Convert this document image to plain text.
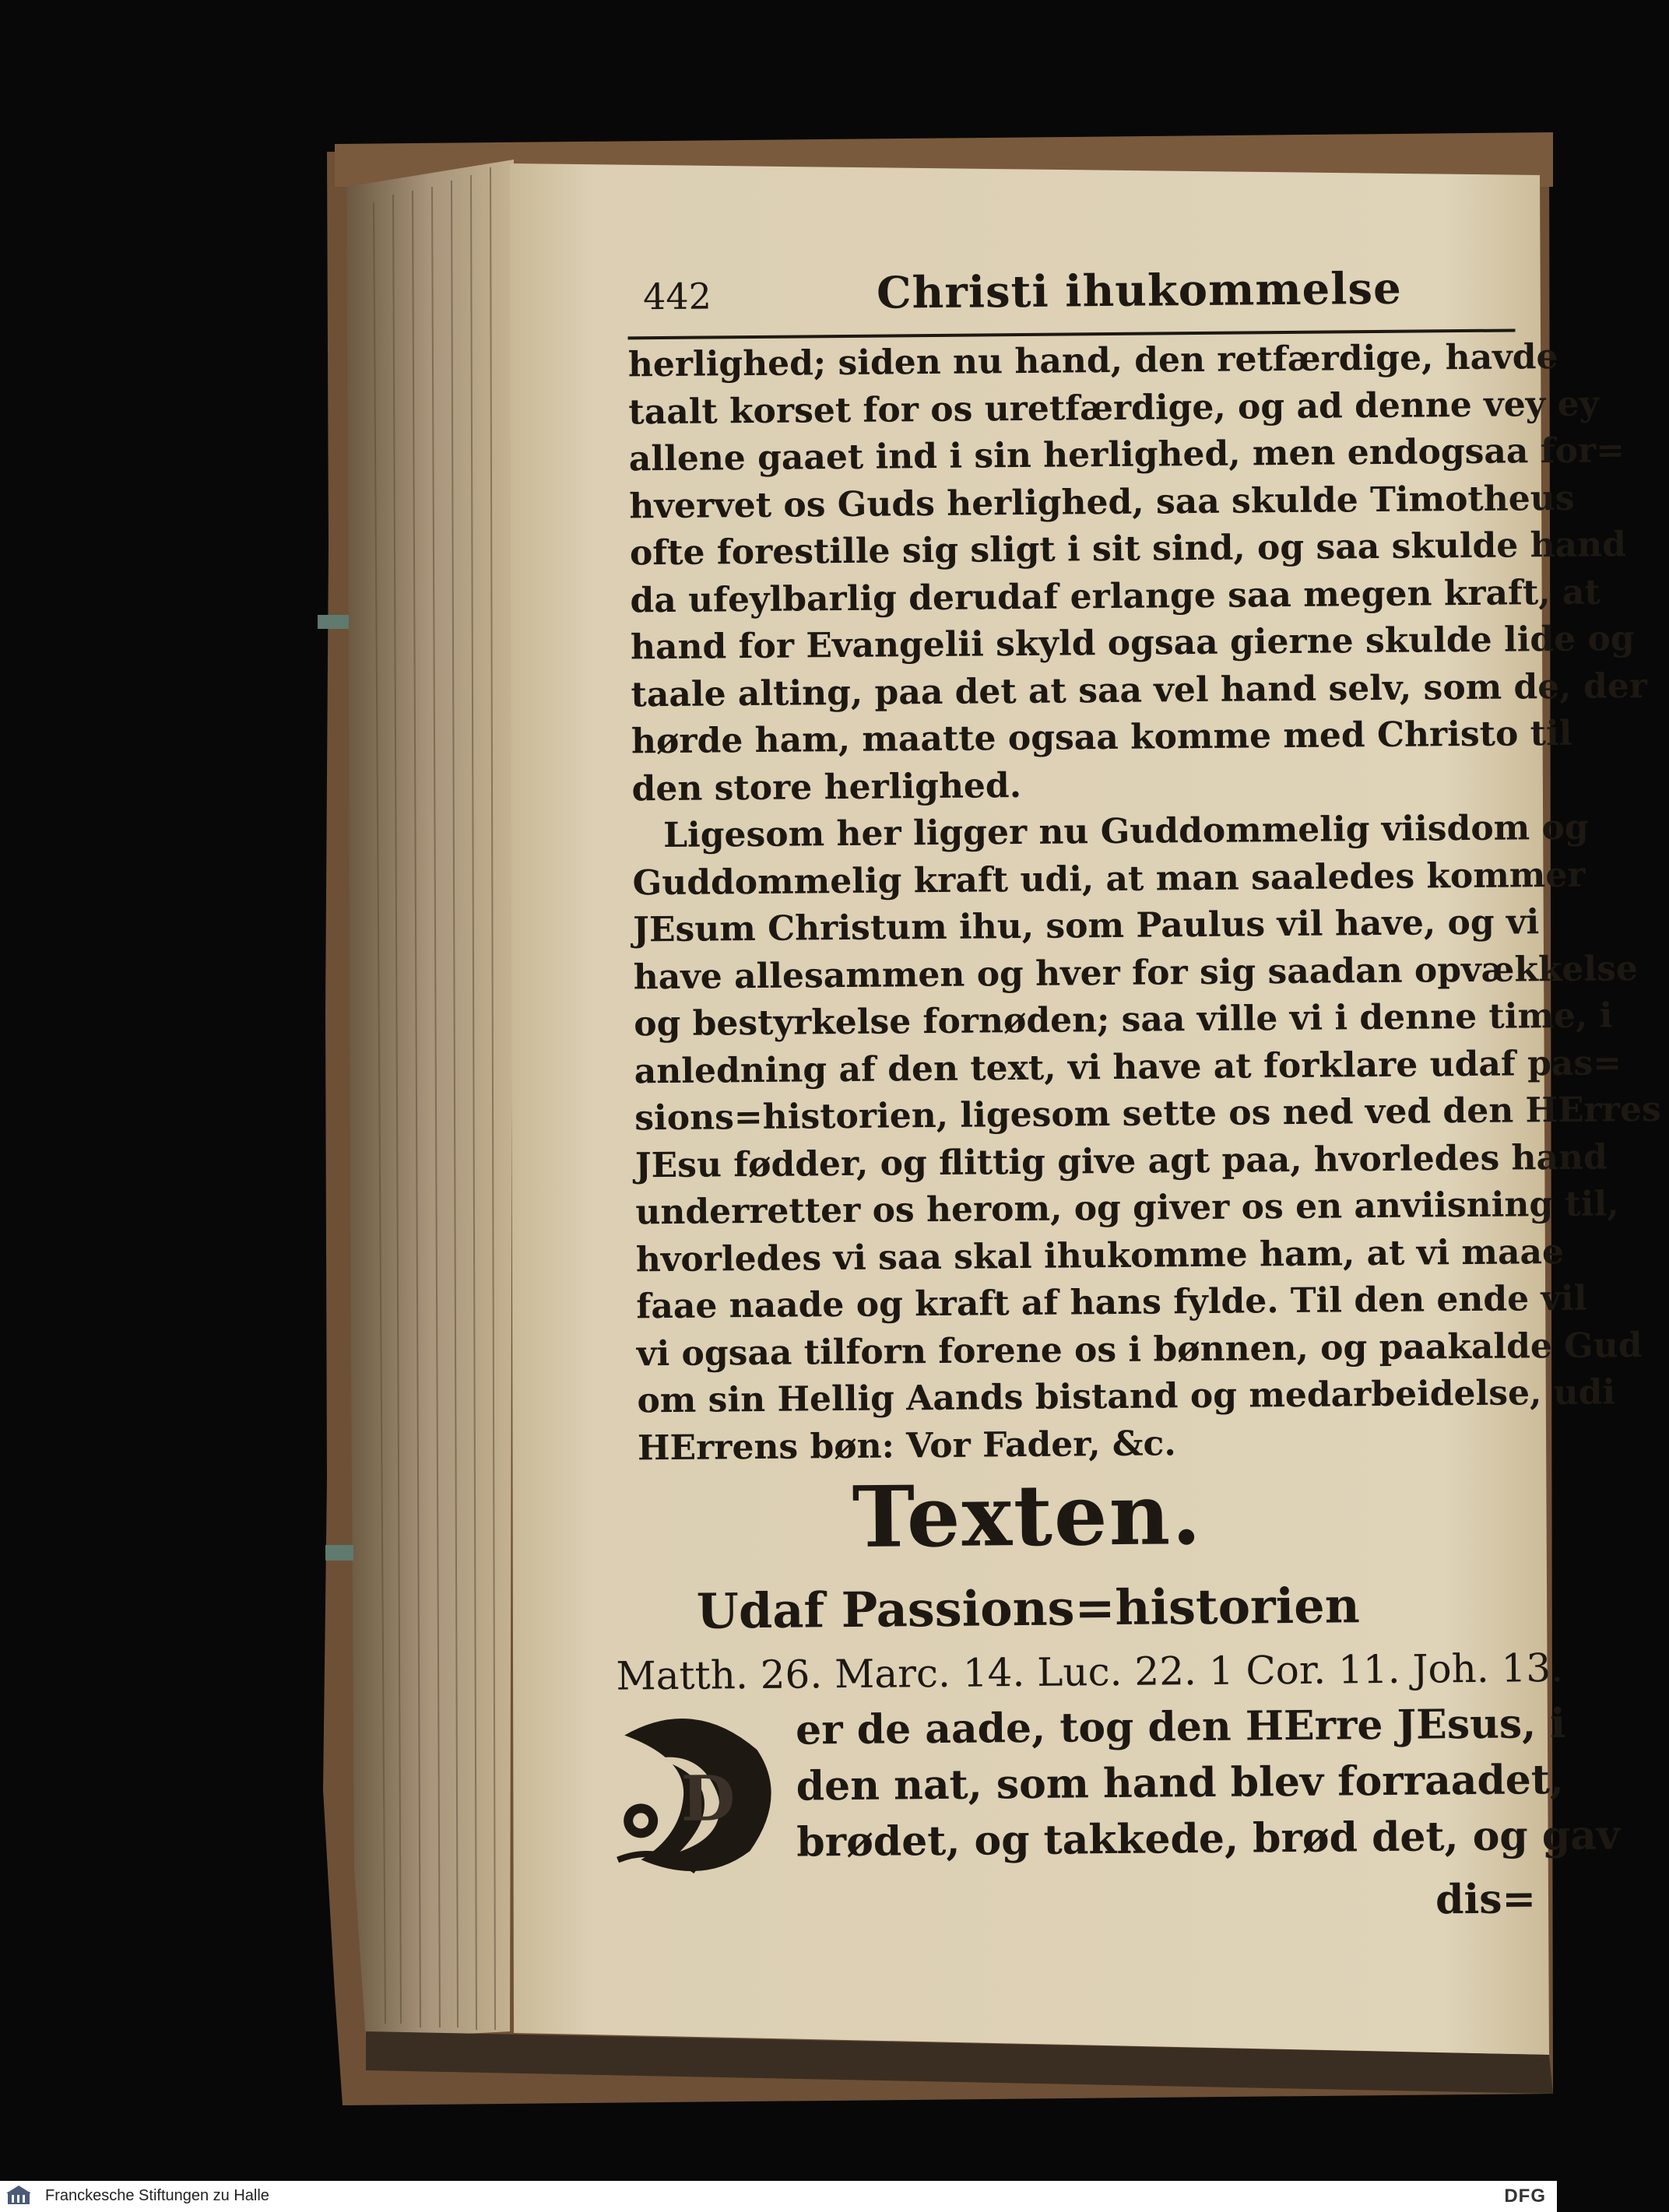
442	Christi ihukommelse
herlighed; siden nu hand, den retfærdige, havde
taalt korset for os uretfærdige, og ad denne vey ey
allene gaaet ind i sin herlighed, men endogsaa for=
hvervet os Guds herlighed, saa skulde Timotheus
ofte forestille sig sligt i sit sind, og saa skulde hand
da ufeylbarlig derudaf erlange saa megen kraft, at
hand for Evangelii skyld ogsaa gierne skulde lide og
taale alting, paa det at saa vel hand selv, som de, der
hørde ham, maatte ogsaa komme med Christo til
den store herlighed.
Ligesom her ligger nu Guddommelig viisdom og
Guddommelig kraft udi, at man saaledes kommer
JEsum Christum ihu, som Paulus vil have, og vi
have allesammen og hver for sig saadan opvækkelse
og bestyrkelse fornøden; saa ville vi i denne time, i
anledning af den text, vi have at forklare udaf pas=
sions=historien, ligesom sette os ned ved den HErres
JEsu fødder, og flittig give agt paa, hvorledes hand
underretter os herom, og giver os en anviisning til,
hvorledes vi saa skal ihukomme ham, at vi maae
faae naade og kraft af hans fylde. Til den ende vil
vi ogsaa tilforn forene os i bønnen, og paakalde Gud
om sin Hellig Aands bistand og medarbeidelse, udi
HErrens bøn: Vor Fader, &c.
Texten.
Udaf Passions=historien
Matth. 26. Marc. 14. Luc. 22. 1 Cor. 11. Joh. 13.
D
er de aade, tog den HErre JEsus, i
den nat, som hand blev forraadet,
brødet, og takkede, brød det, og gav
dis=
Franckesche Stiftungen zu Halle	DFG
